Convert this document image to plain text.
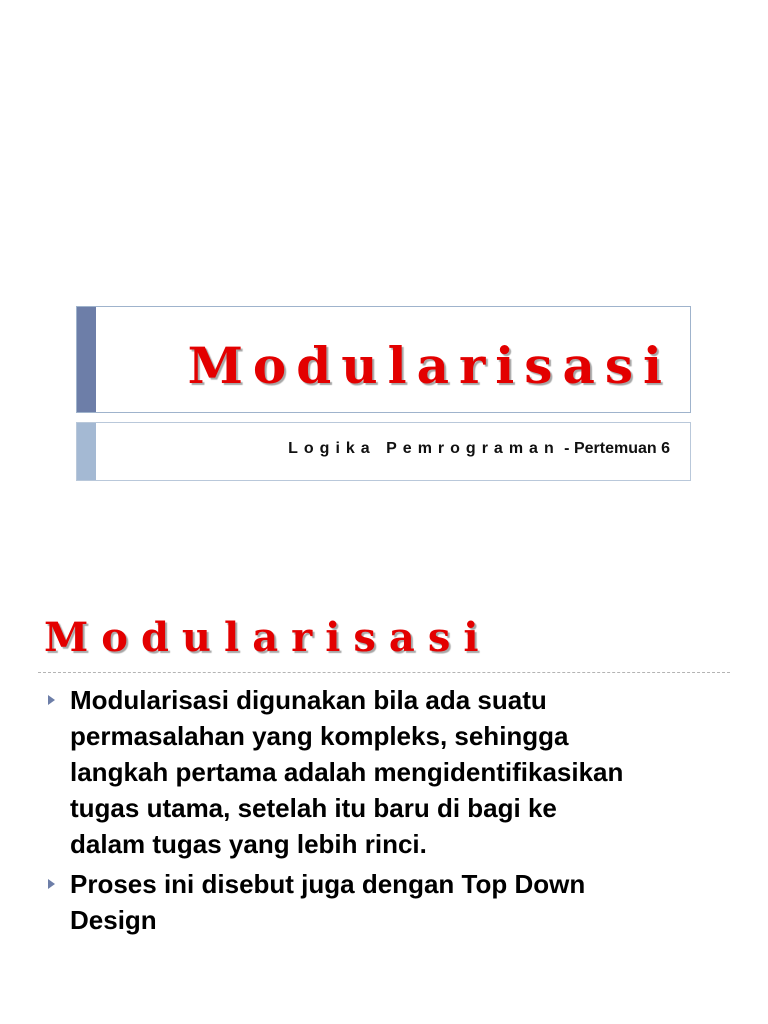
Modularisasi
Logika Pemrograman - Pertemuan 6
Modularisasi
Modularisasi digunakan bila ada suatu
permasalahan yang kompleks, sehingga
langkah pertama adalah mengidentifikasikan
tugas utama, setelah itu baru di bagi ke
dalam tugas yang lebih rinci.
Proses ini disebut juga dengan Top Down
Design
